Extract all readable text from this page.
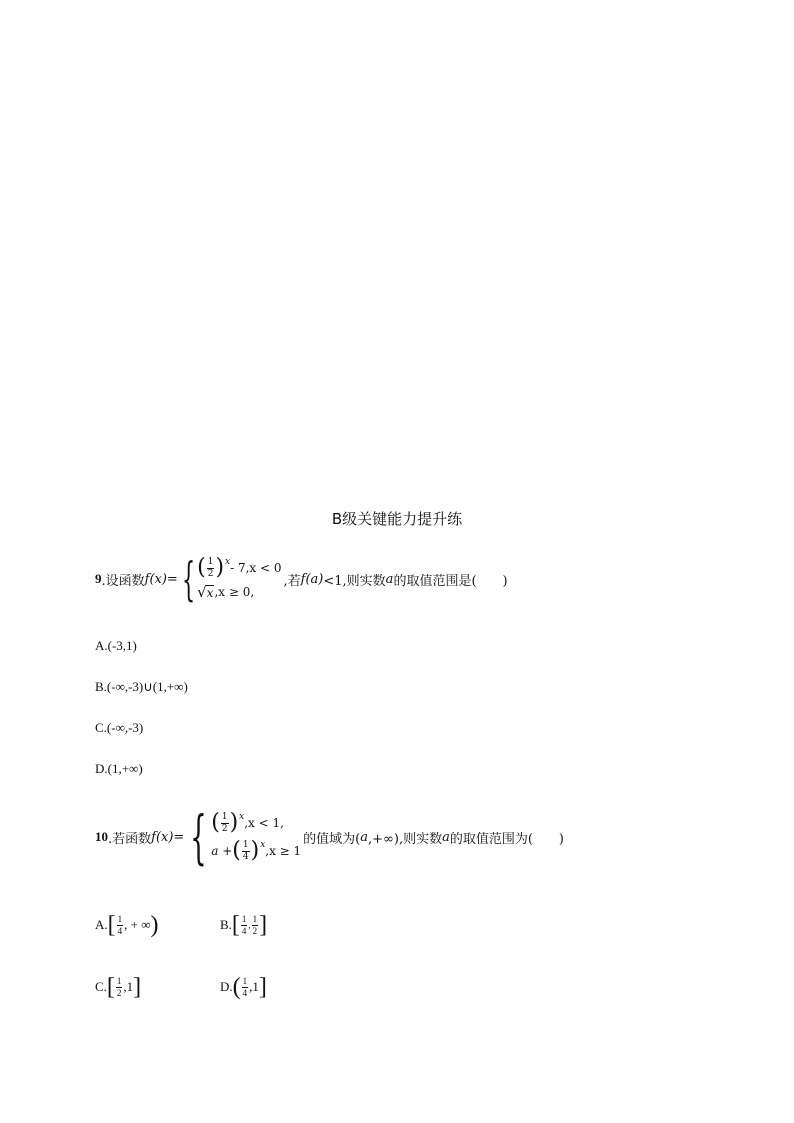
B级关键能力提升练
9 .设函数 f(x)= { ( $\frac{1}{2} )^x - 7,x < 0$
√ x ,x ≥ 0,
,若 f(a) <1,则实数 a 的取值范围是(　　)
A.(-3,1)
B.(-∞,-3)∪(1,+∞)
C.(-∞,-3)
D.(1,+∞)
10 .若函数 f(x)= { ( $\frac{1}{2} )^x$ ,x < 1,
a + ( $\frac{1}{4} )^x$ ,x ≥ 1
的值域为( a ,+∞),则实数 a 的取值范围为(　　)
A. [ $\frac{1}{4}$ , + ∞ )	B. [ $\frac{1}{4}$ , $\frac{1}{2}$ ]
C. [ $\frac{1}{2} ,1$ ]	D. ( $\frac{1}{4} ,1$ ]
